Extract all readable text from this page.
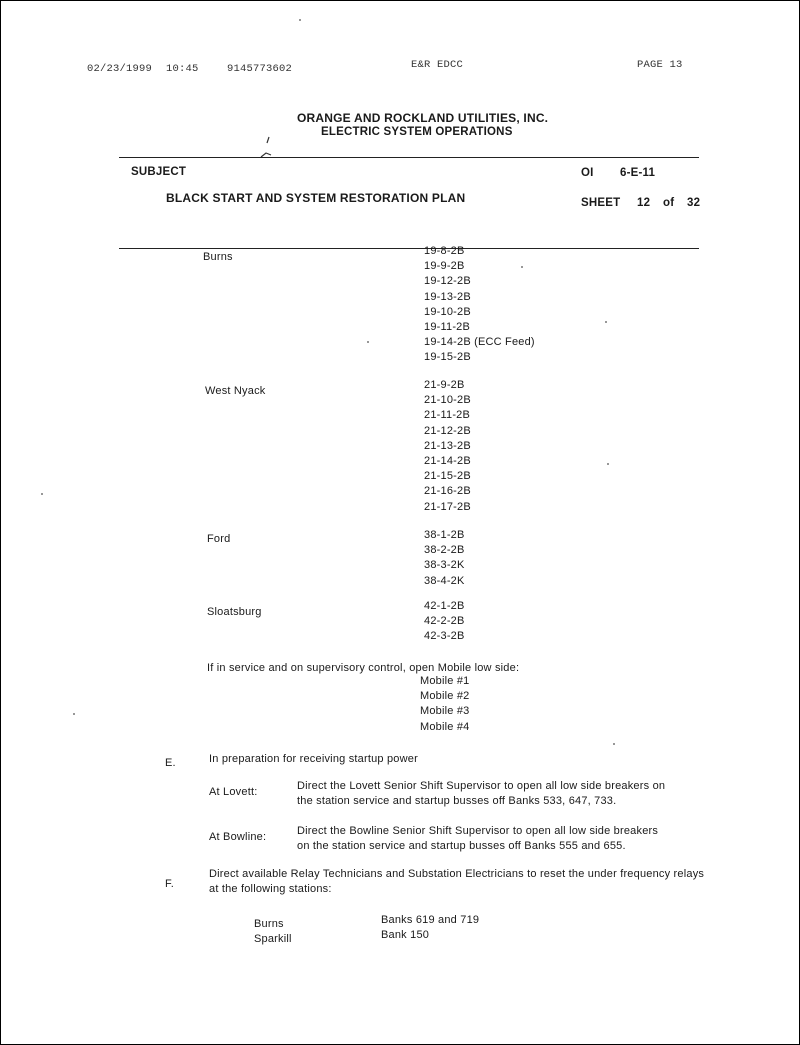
02/23/1999 10:45	9145773602	E&R EDCC	PAGE 13
ORANGE AND ROCKLAND UTILITIES, INC.
ELECTRIC SYSTEM OPERATIONS
SUBJECT	OI 6-E-11
BLACK START AND SYSTEM RESTORATION PLAN	SHEET 12 of 32
Burns	19-8-2B
19-9-2B
19-12-2B
19-13-2B
19-10-2B
19-11-2B
19-14-2B (ECC Feed)
19-15-2B
West Nyack	21-9-2B
21-10-2B
21-11-2B
21-12-2B
21-13-2B
21-14-2B
21-15-2B
21-16-2B
21-17-2B
Ford	38-1-2B
38-2-2B
38-3-2K
38-4-2K
Sloatsburg	42-1-2B
42-2-2B
42-3-2B
If in service and on supervisory control, open Mobile low side:
Mobile #1
Mobile #2
Mobile #3
Mobile #4
E.	In preparation for receiving startup power
At Lovett:	Direct the Lovett Senior Shift Supervisor to open all low side breakers on
the station service and startup busses off Banks 533, 647, 733.
At Bowline:	Direct the Bowline Senior Shift Supervisor to open all low side breakers
on the station service and startup busses off Banks 555 and 655.
F.
Direct available Relay Technicians and Substation Electricians to reset the under frequency relays
at the following stations:
Burns	Banks 619 and 719
Sparkill	Bank 150
